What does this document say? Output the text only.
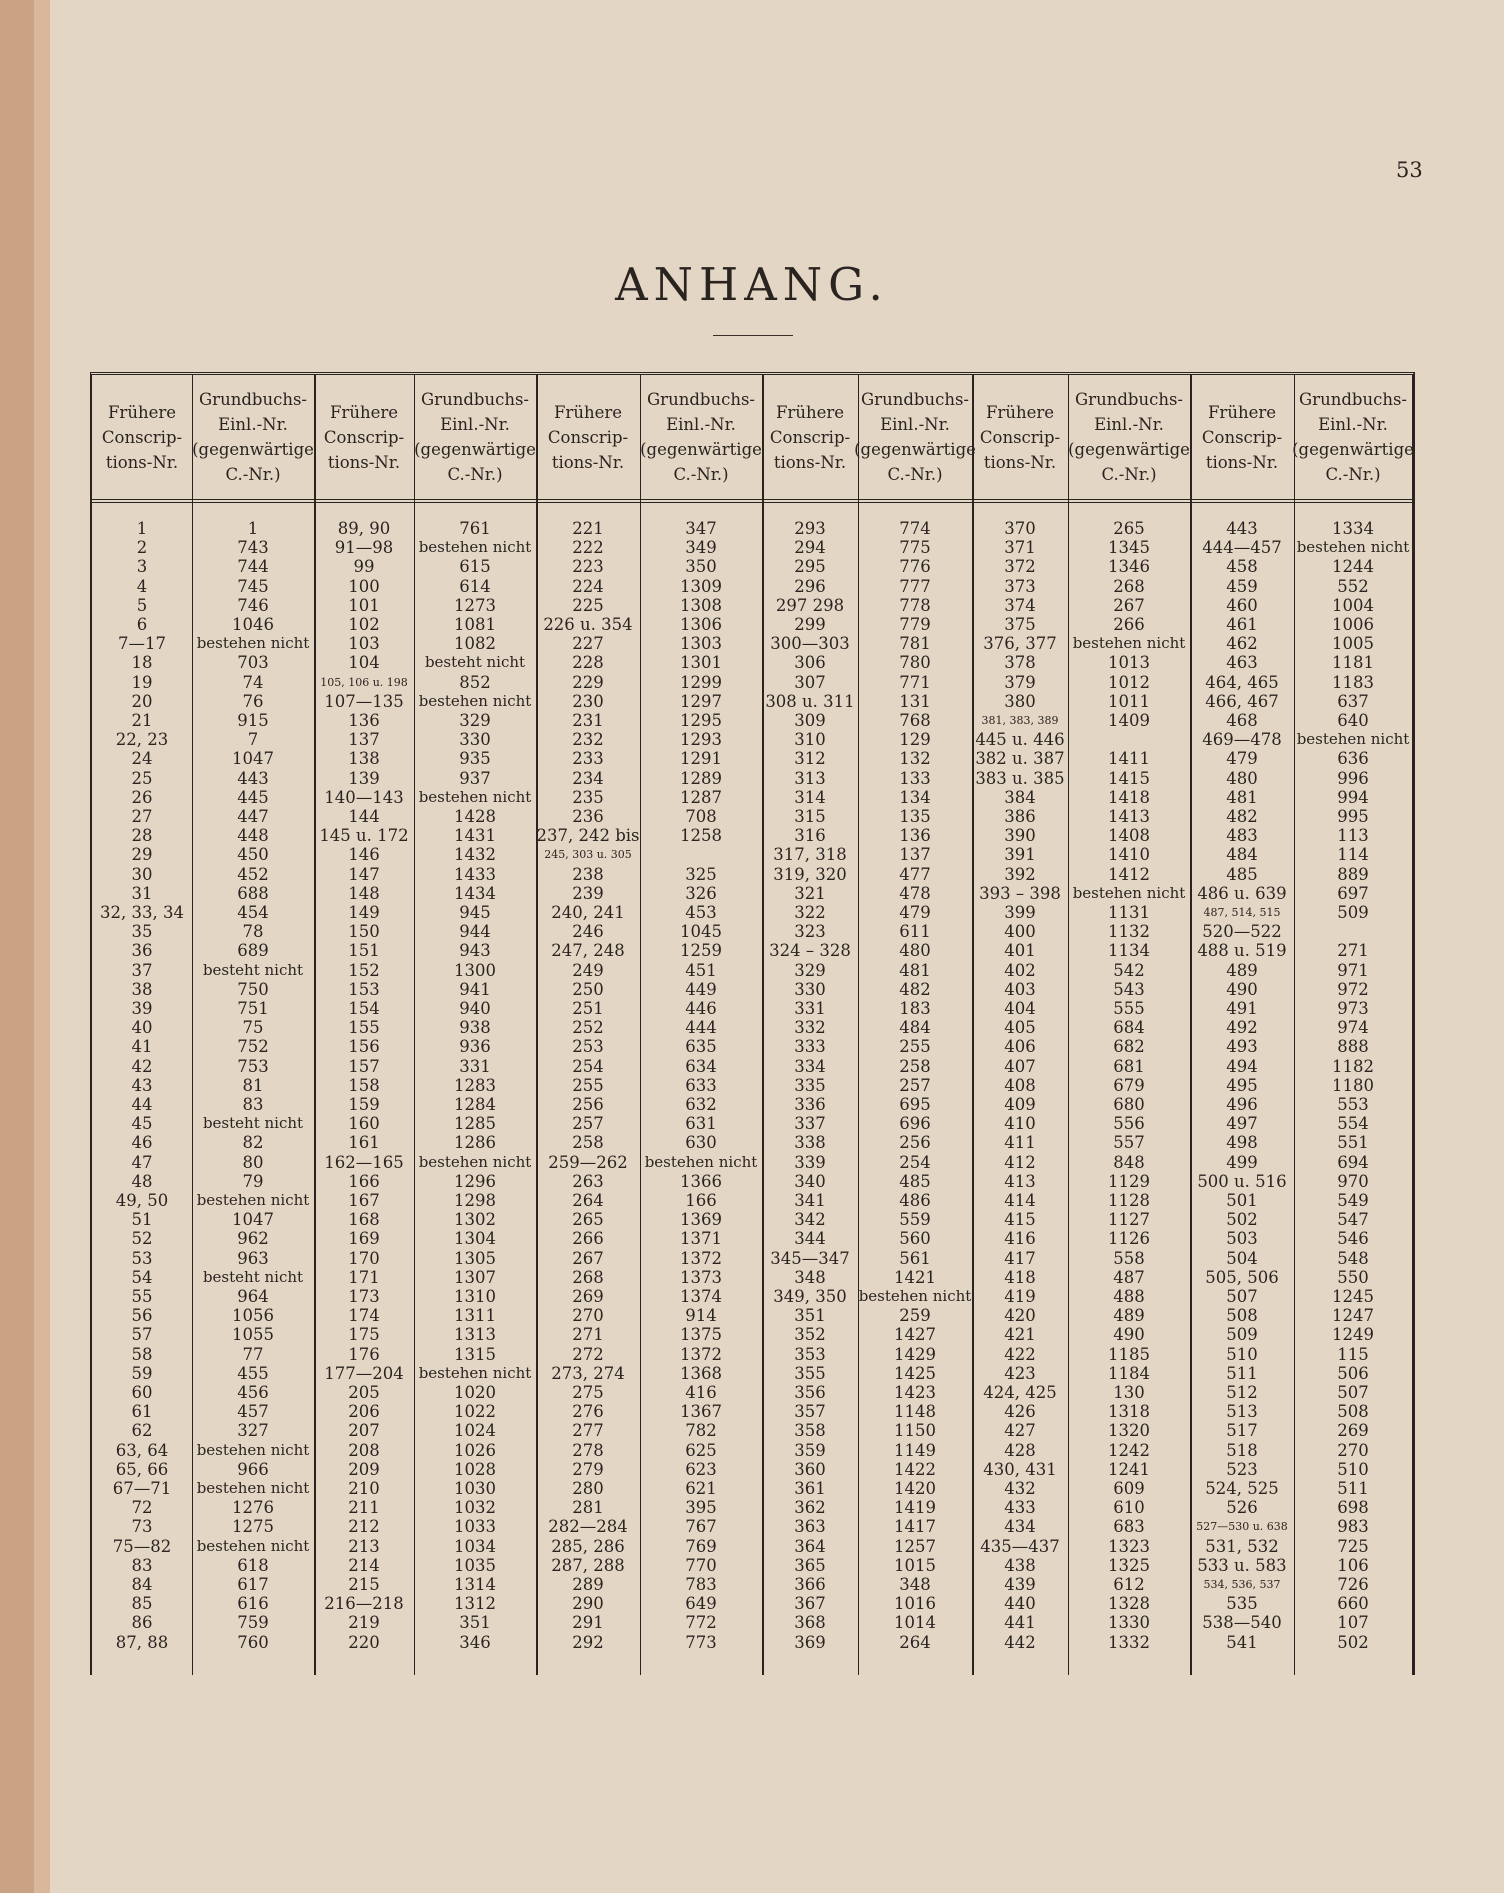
53
ANHANG.
Frühere
Conscrip-
tions-Nr.
Grundbuchs-
Einl.-Nr.
(gegenwärtige
C.-Nr.)
Frühere
Conscrip-
tions-Nr.
Grundbuchs-
Einl.-Nr.
(gegenwärtige
C.-Nr.)
Frühere
Conscrip-
tions-Nr.
Grundbuchs-
Einl.-Nr.
(gegenwärtige
C.-Nr.)
Frühere
Conscrip-
tions-Nr.
Grundbuchs-
Einl.-Nr.
(gegenwärtige
C.-Nr.)
Frühere
Conscrip-
tions-Nr.
Grundbuchs-
Einl.-Nr.
(gegenwärtige
C.-Nr.)
Frühere
Conscrip-
tions-Nr.
Grundbuchs-
Einl.-Nr.
(gegenwärtige
C.-Nr.)
1
2
3
4
5
6
7—17
18
19
20
21
22, 23
24
25
26
27
28
29
30
31
32, 33, 34
35
36
37
38
39
40
41
42
43
44
45
46
47
48
49, 50
51
52
53
54
55
56
57
58
59
60
61
62
63, 64
65, 66
67—71
72
73
75—82
83
84
85
86
87, 88
1
743
744
745
746
1046
bestehen nicht
703
74
76
915
7
1047
443
445
447
448
450
452
688
454
78
689
besteht nicht
750
751
75
752
753
81
83
besteht nicht
82
80
79
bestehen nicht
1047
962
963
besteht nicht
964
1056
1055
77
455
456
457
327
bestehen nicht
966
bestehen nicht
1276
1275
bestehen nicht
618
617
616
759
760
89, 90
91—98
99
100
101
102
103
104
105, 106 u. 198
107—135
136
137
138
139
140—143
144
145 u. 172
146
147
148
149
150
151
152
153
154
155
156
157
158
159
160
161
162—165
166
167
168
169
170
171
173
174
175
176
177—204
205
206
207
208
209
210
211
212
213
214
215
216—218
219
220
761
bestehen nicht
615
614
1273
1081
1082
besteht nicht
852
bestehen nicht
329
330
935
937
bestehen nicht
1428
1431
1432
1433
1434
945
944
943
1300
941
940
938
936
331
1283
1284
1285
1286
bestehen nicht
1296
1298
1302
1304
1305
1307
1310
1311
1313
1315
bestehen nicht
1020
1022
1024
1026
1028
1030
1032
1033
1034
1035
1314
1312
351
346
221
222
223
224
225
226 u. 354
227
228
229
230
231
232
233
234
235
236
237, 242 bis
245, 303 u. 305
238
239
240, 241
246
247, 248
249
250
251
252
253
254
255
256
257
258
259—262
263
264
265
266
267
268
269
270
271
272
273, 274
275
276
277
278
279
280
281
282—284
285, 286
287, 288
289
290
291
292
347
349
350
1309
1308
1306
1303
1301
1299
1297
1295
1293
1291
1289
1287
708
1258
325
326
453
1045
1259
451
449
446
444
635
634
633
632
631
630
bestehen nicht
1366
166
1369
1371
1372
1373
1374
914
1375
1372
1368
416
1367
782
625
623
621
395
767
769
770
783
649
772
773
293
294
295
296
297 298
299
300—303
306
307
308 u. 311
309
310
312
313
314
315
316
317, 318
319, 320
321
322
323
324 – 328
329
330
331
332
333
334
335
336
337
338
339
340
341
342
344
345—347
348
349, 350
351
352
353
355
356
357
358
359
360
361
362
363
364
365
366
367
368
369
774
775
776
777
778
779
781
780
771
131
768
129
132
133
134
135
136
137
477
478
479
611
480
481
482
183
484
255
258
257
695
696
256
254
485
486
559
560
561
1421
bestehen nicht
259
1427
1429
1425
1423
1148
1150
1149
1422
1420
1419
1417
1257
1015
348
1016
1014
264
370
371
372
373
374
375
376, 377
378
379
380
381, 383, 389
445 u. 446
382 u. 387
383 u. 385
384
386
390
391
392
393 – 398
399
400
401
402
403
404
405
406
407
408
409
410
411
412
413
414
415
416
417
418
419
420
421
422
423
424, 425
426
427
428
430, 431
432
433
434
435—437
438
439
440
441
442
265
1345
1346
268
267
266
bestehen nicht
1013
1012
1011
1409
1411
1415
1418
1413
1408
1410
1412
bestehen nicht
1131
1132
1134
542
543
555
684
682
681
679
680
556
557
848
1129
1128
1127
1126
558
487
488
489
490
1185
1184
130
1318
1320
1242
1241
609
610
683
1323
1325
612
1328
1330
1332
443
444—457
458
459
460
461
462
463
464, 465
466, 467
468
469—478
479
480
481
482
483
484
485
486 u. 639
487, 514, 515
520—522
488 u. 519
489
490
491
492
493
494
495
496
497
498
499
500 u. 516
501
502
503
504
505, 506
507
508
509
510
511
512
513
517
518
523
524, 525
526
527—530 u. 638
531, 532
533 u. 583
534, 536, 537
535
538—540
541
1334
bestehen nicht
1244
552
1004
1006
1005
1181
1183
637
640
bestehen nicht
636
996
994
995
113
114
889
697
509
271
971
972
973
974
888
1182
1180
553
554
551
694
970
549
547
546
548
550
1245
1247
1249
115
506
507
508
269
270
510
511
698
983
725
106
726
660
107
502
